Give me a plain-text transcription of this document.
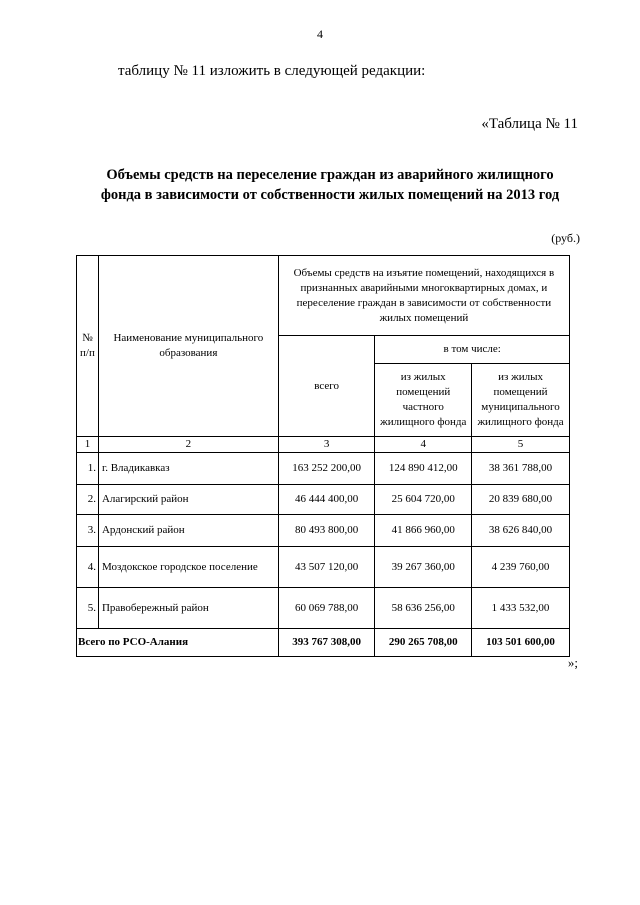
4
таблицу № 11 изложить в следующей редакции:
«Таблица № 11
Объемы средств на переселение граждан из аварийного жилищного
фонда в зависимости от собственности жилых помещений на 2013 год
(руб.)
№ п/п	Наименование муниципального образования	Объемы средств на изъятие помещений, находящихся в признанных аварийными многоквартирных домах, и переселение граждан в зависимости от собственности жилых помещений		
		всего	в том числе:	
			из жилых помещений частного жилищного фонда	из жилых помещений муниципального жилищного фонда
1	2	3	4	5
1.	г. Владикавказ	163 252 200,00	124 890 412,00	38 361 788,00
2.	Алагирский район	46 444 400,00	25 604 720,00	20 839 680,00
3.	Ардонский район	80 493 800,00	41 866 960,00	38 626 840,00
4.	Моздокское городское поселение	43 507 120,00	39 267 360,00	4 239 760,00
5.	Правобережный район	60 069 788,00	58 636 256,00	1 433 532,00
Всего по РСО-Алания		393 767 308,00	290 265 708,00	103 501 600,00
»;
